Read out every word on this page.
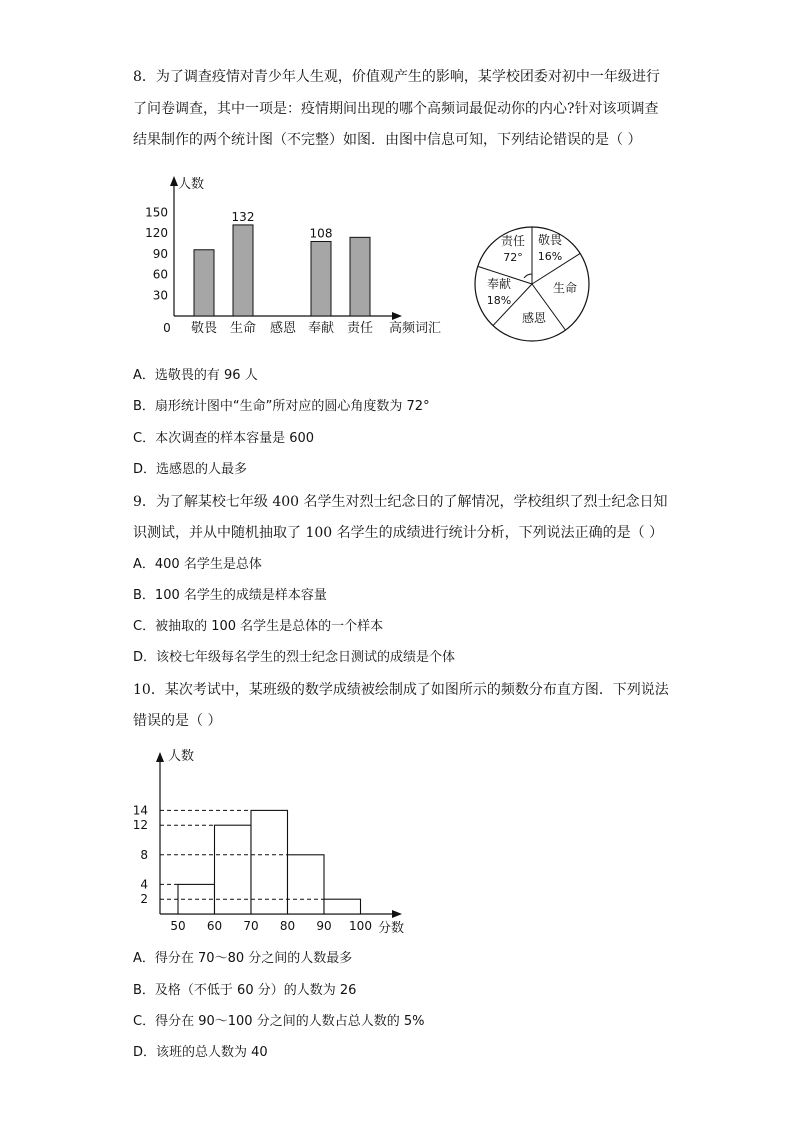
8．为了调查疫情对青少年人生观，价值观产生的影响，某学校团委对初中一年级进行
了问卷调查，其中一项是：疫情期间出现的哪个高频词最促动你的内心?针对该项调查
结果制作的两个统计图（不完整）如图．由图中信息可知，下列结论错误的是（ ）
人数
0
30
60
90
120
150
敬畏
132
生命 感恩
108
奉献 责任 高频词汇
敬畏
16%
生命
感恩
奉献
18%
责任
72°
A．选敬畏的有 96 人
B．扇形统计图中“生命”所对应的圆心角度数为 72°
C．本次调查的样本容量是 600
D．选感恩的人最多
9．为了解某校七年级 400 名学生对烈士纪念日的了解情况，学校组织了烈士纪念日知
识测试，并从中随机抽取了 100 名学生的成绩进行统计分析，下列说法正确的是（ ）
A．400 名学生是总体
B．100 名学生的成绩是样本容量
C．被抽取的 100 名学生是总体的一个样本
D．该校七年级每名学生的烈士纪念日测试的成绩是个体
10．某次考试中，某班级的数学成绩被绘制成了如图所示的频数分布直方图．下列说法
错误的是（ ）
人数
分数
2
4
8
12
14
50 60 70 80 90 100
A．得分在 70～80 分之间的人数最多
B．及格（不低于 60 分）的人数为 26
C．得分在 90～100 分之间的人数占总人数的 5%
D．该班的总人数为 40
